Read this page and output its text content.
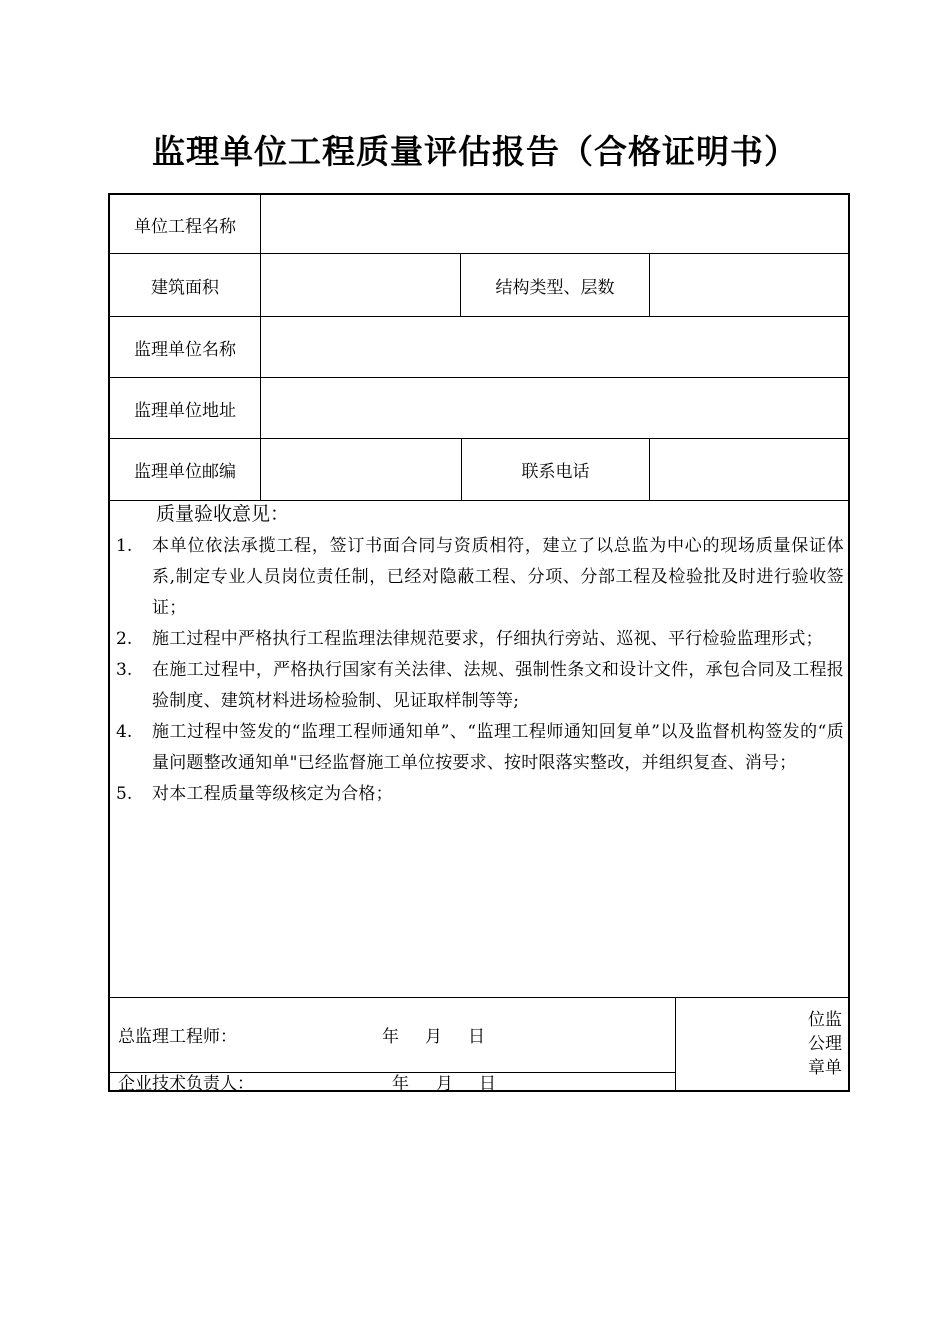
监理单位工程质量评估报告（合格证明书）
单位工程名称
建筑面积	结构类型、层数
监理单位名称
监理单位地址
监理单位邮编	联系电话
质量验收意见：
1.	本单位依法承揽工程，签订书面合同与资质相符，建立了以总监为中心的现场质量保证体系,制定专业人员岗位责任制，已经对隐蔽工程、分项、分部工程及检验批及时进行验收签证；
2.	施工过程中严格执行工程监理法律规范要求，仔细执行旁站、巡视、平行检验监理形式；
3.	在施工过程中，严格执行国家有关法律、法规、强制性条文和设计文件，承包合同及工程报验制度、建筑材料进场检验制、见证取样制等等;
4.	施工过程中签发的“监理工程师通知单”、“监理工程师通知回复单”以及监督机构签发的“质量问题整改通知单"已经监督施工单位按要求、按时限落实整改，并组织复查、消号；
5.	对本工程质量等级核定为合格；
总监理工程师：	年 月 日
企业技术负责人：	年 月 日
位监
公理
章单
